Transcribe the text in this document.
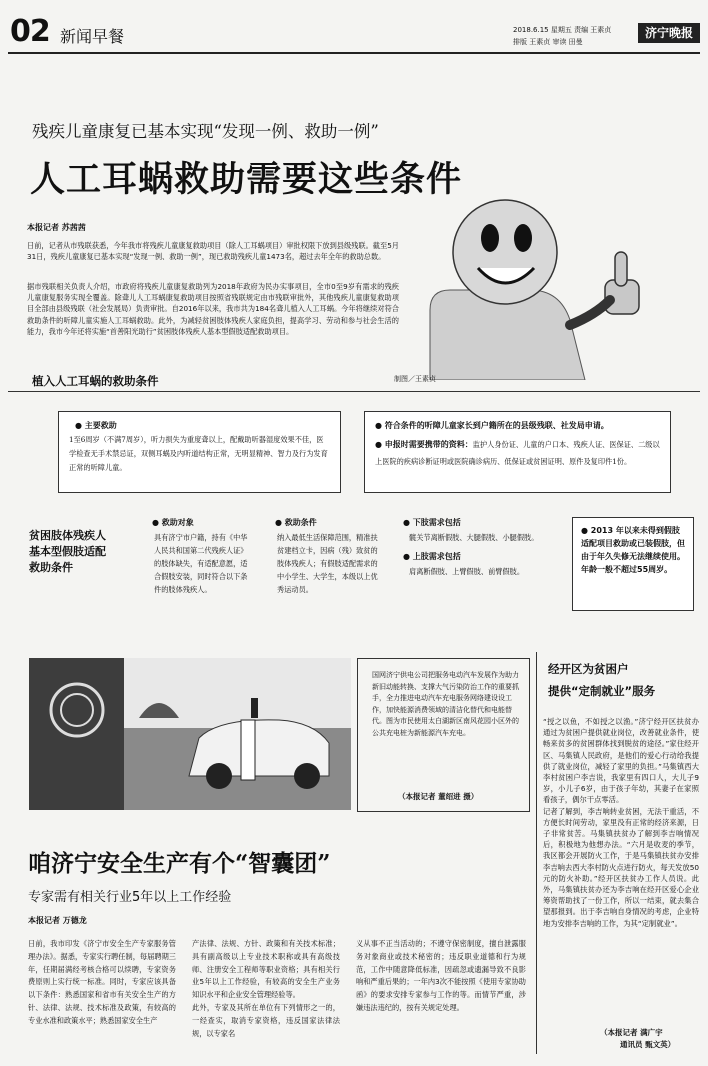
02 新闻早餐	2018.6.15 星期五 责编 王素贞
排版 王素贞 审读 田曼
济宁晚报
残疾儿童康复已基本实现“发现一例、救助一例”
人工耳蜗救助需要这些条件
本报记者 苏茜茜
日前，记者从市残联获悉，今年我市将残疾儿童康复救助项目（除人工耳蜗项目）审批权限下放到县级残联。截至5月31日，残疾儿童康复已基本实现“发现一例、救助一例”，现已救助残疾儿童1473名，超过去年全年的救助总数。
据市残联相关负责人介绍，市政府将残疾儿童康复救助列为2018年政府为民办实事项目，全市0至9岁有需求的残疾儿童康复服务实现全覆盖。除聋儿人工耳蜗康复救助项目按照省残联规定由市残联审批外，其他残疾儿童康复救助项目全部由县级残联（社会发展局）负责审批。自2016年以来，我市共为184名聋儿植入人工耳蜗。今年将继续对符合救助条件的听障儿童实施人工耳蜗救助。此外，为减轻贫困肢体残疾人家庭负担，提高学习、劳动和参与社会生活的能力，我市今年还将实施“首善阳光助行”贫困肢体残疾人基本型假肢适配救助项目。
植入人工耳蜗的救助条件	制图／王素贞
● 主要救助
1至6周岁（不满7周岁），听力损失为重度聋以上，配戴助听器湿度效果不佳，医学检查无手术禁忌证，双侧耳蜗及内听道结构正常，无明显精神、智力及行为发育正常的听障儿童。
● 符合条件的听障儿童家长到户籍所在的县级残联、社发局申请。
● 申报时需要携带的资料：监护人身份证、儿童的户口本、残疾人证、医保证、二级以上医院的疾病诊断证明或医院确诊病历、低保证或贫困证明、原件及复印件1份。
贫困肢体残疾人
基本型假肢适配
救助条件
● 救助对象
具有济宁市户籍，持有《中华人民共和国第二代残疾人证》的肢体缺失，有适配意愿，适合假肢安装，同时符合以下条件的肢体残疾人。
● 救助条件
纳入最低生活保障范围，精准扶贫建档立卡，因病（残）致贫的肢体残疾人；有假肢适配需求的中小学生、大学生，本级以上优秀运动员。
● 下肢需求包括
髋关节离断假肢、大腿假肢、小腿假肢。
● 上肢需求包括
肩离断假肢、上臂假肢、前臂假肢。
● 2013 年以来未得到假肢适配项目救助或已装假肢，但由于年久失修无法继续使用。年龄一般不超过55周岁。
国网济宁供电公司把服务电动汽车发展作为助力新旧动能转换、支撑大气污染防治工作的重要抓手，全力推进电动汽车充电服务网络建设设工作，加快能源消费领域的清洁化替代和电能替代。图为市民使用太白湖新区南风花园小区外的公共充电桩为新能源汽车充电。
（本报记者 董绍进 摄）
经开区为贫困户
提供“定制就业”服务
“授之以鱼，不如授之以渔。”济宁经开区扶贫办通过为贫困户提供就业岗位，改善就业条件，使畅来贫多的贫困群体找到脱贫的途径。”家住经开区、马集镇人民政府，是他们的爱心行动给我提供了就业岗位，减轻了家里的负担。”马集镇西大李村贫困户李吉说，我家里有四口人，大儿子9岁，小儿子6岁，由于孩子年幼，其妻子在家照看孩子，偶尔干点零活。
记者了解到，李吉响转业贫困，无法干重活，不方便长时间劳动，家里没有正常的经济来源，日子非常贫苦。马集镇扶贫办了解到李吉响情况后，积极地为他想办法。“六月是收麦的季节，我区都会开展防火工作，于是马集镇扶贫办安排李吉响去西大李村防火点进行防火，每天发放50元的防火补助。”经开区扶贫办工作人员说。此外，马集镇扶贫办还为李吉响在经开区爱心企业筹资帮助找了一份工作，所以一结束，就去集合望那报到。出于李吉响自身情况的考虑，企业特地为安排李吉响的工作，为其“定制就业”。
（本报记者 满广宇
通讯员 甄文英）
咱济宁安全生产有个“智囊团”
专家需有相关行业5年以上工作经验
本报记者 万德龙
日前，我市印发《济宁市安全生产专家服务管理办法》。据悉，专家实行聘任制，每届聘期三年，任期届满经考核合格可以续聘，专家资务费原则上实行统一标准。同时，专家应该具备以下条件：熟悉国家和省市有关安全生产的方针、法律、法规、技术标准及政策，有较高的专业水准和政策水平；熟悉国家安全生产
产法律、法规、方针、政策和有关技术标准；具有副高级以上专业技术职称或具有高级技师、注册安全工程师等职业资格；具有相关行业5年以上工作经验，有较高的安全生产业务知识水平和企业安全管理经验等。
此外，专家及其所在单位有下列情形之一的，一经查实，取消专家资格，违反国家法律法规，以专家名
义从事不正当活动的；不遵守保密制度，擅自泄露服务对象商业或技术秘密的；违反职业道德和行为规范，工作中随意降低标准，因疏忽或遗漏导致不良影响和严重后果的；一年内3次不能按照《使用专家协助函》的要求安排专家参与工作的等。而情节严重，涉嫌违法违纪的，按有关规定处理。
